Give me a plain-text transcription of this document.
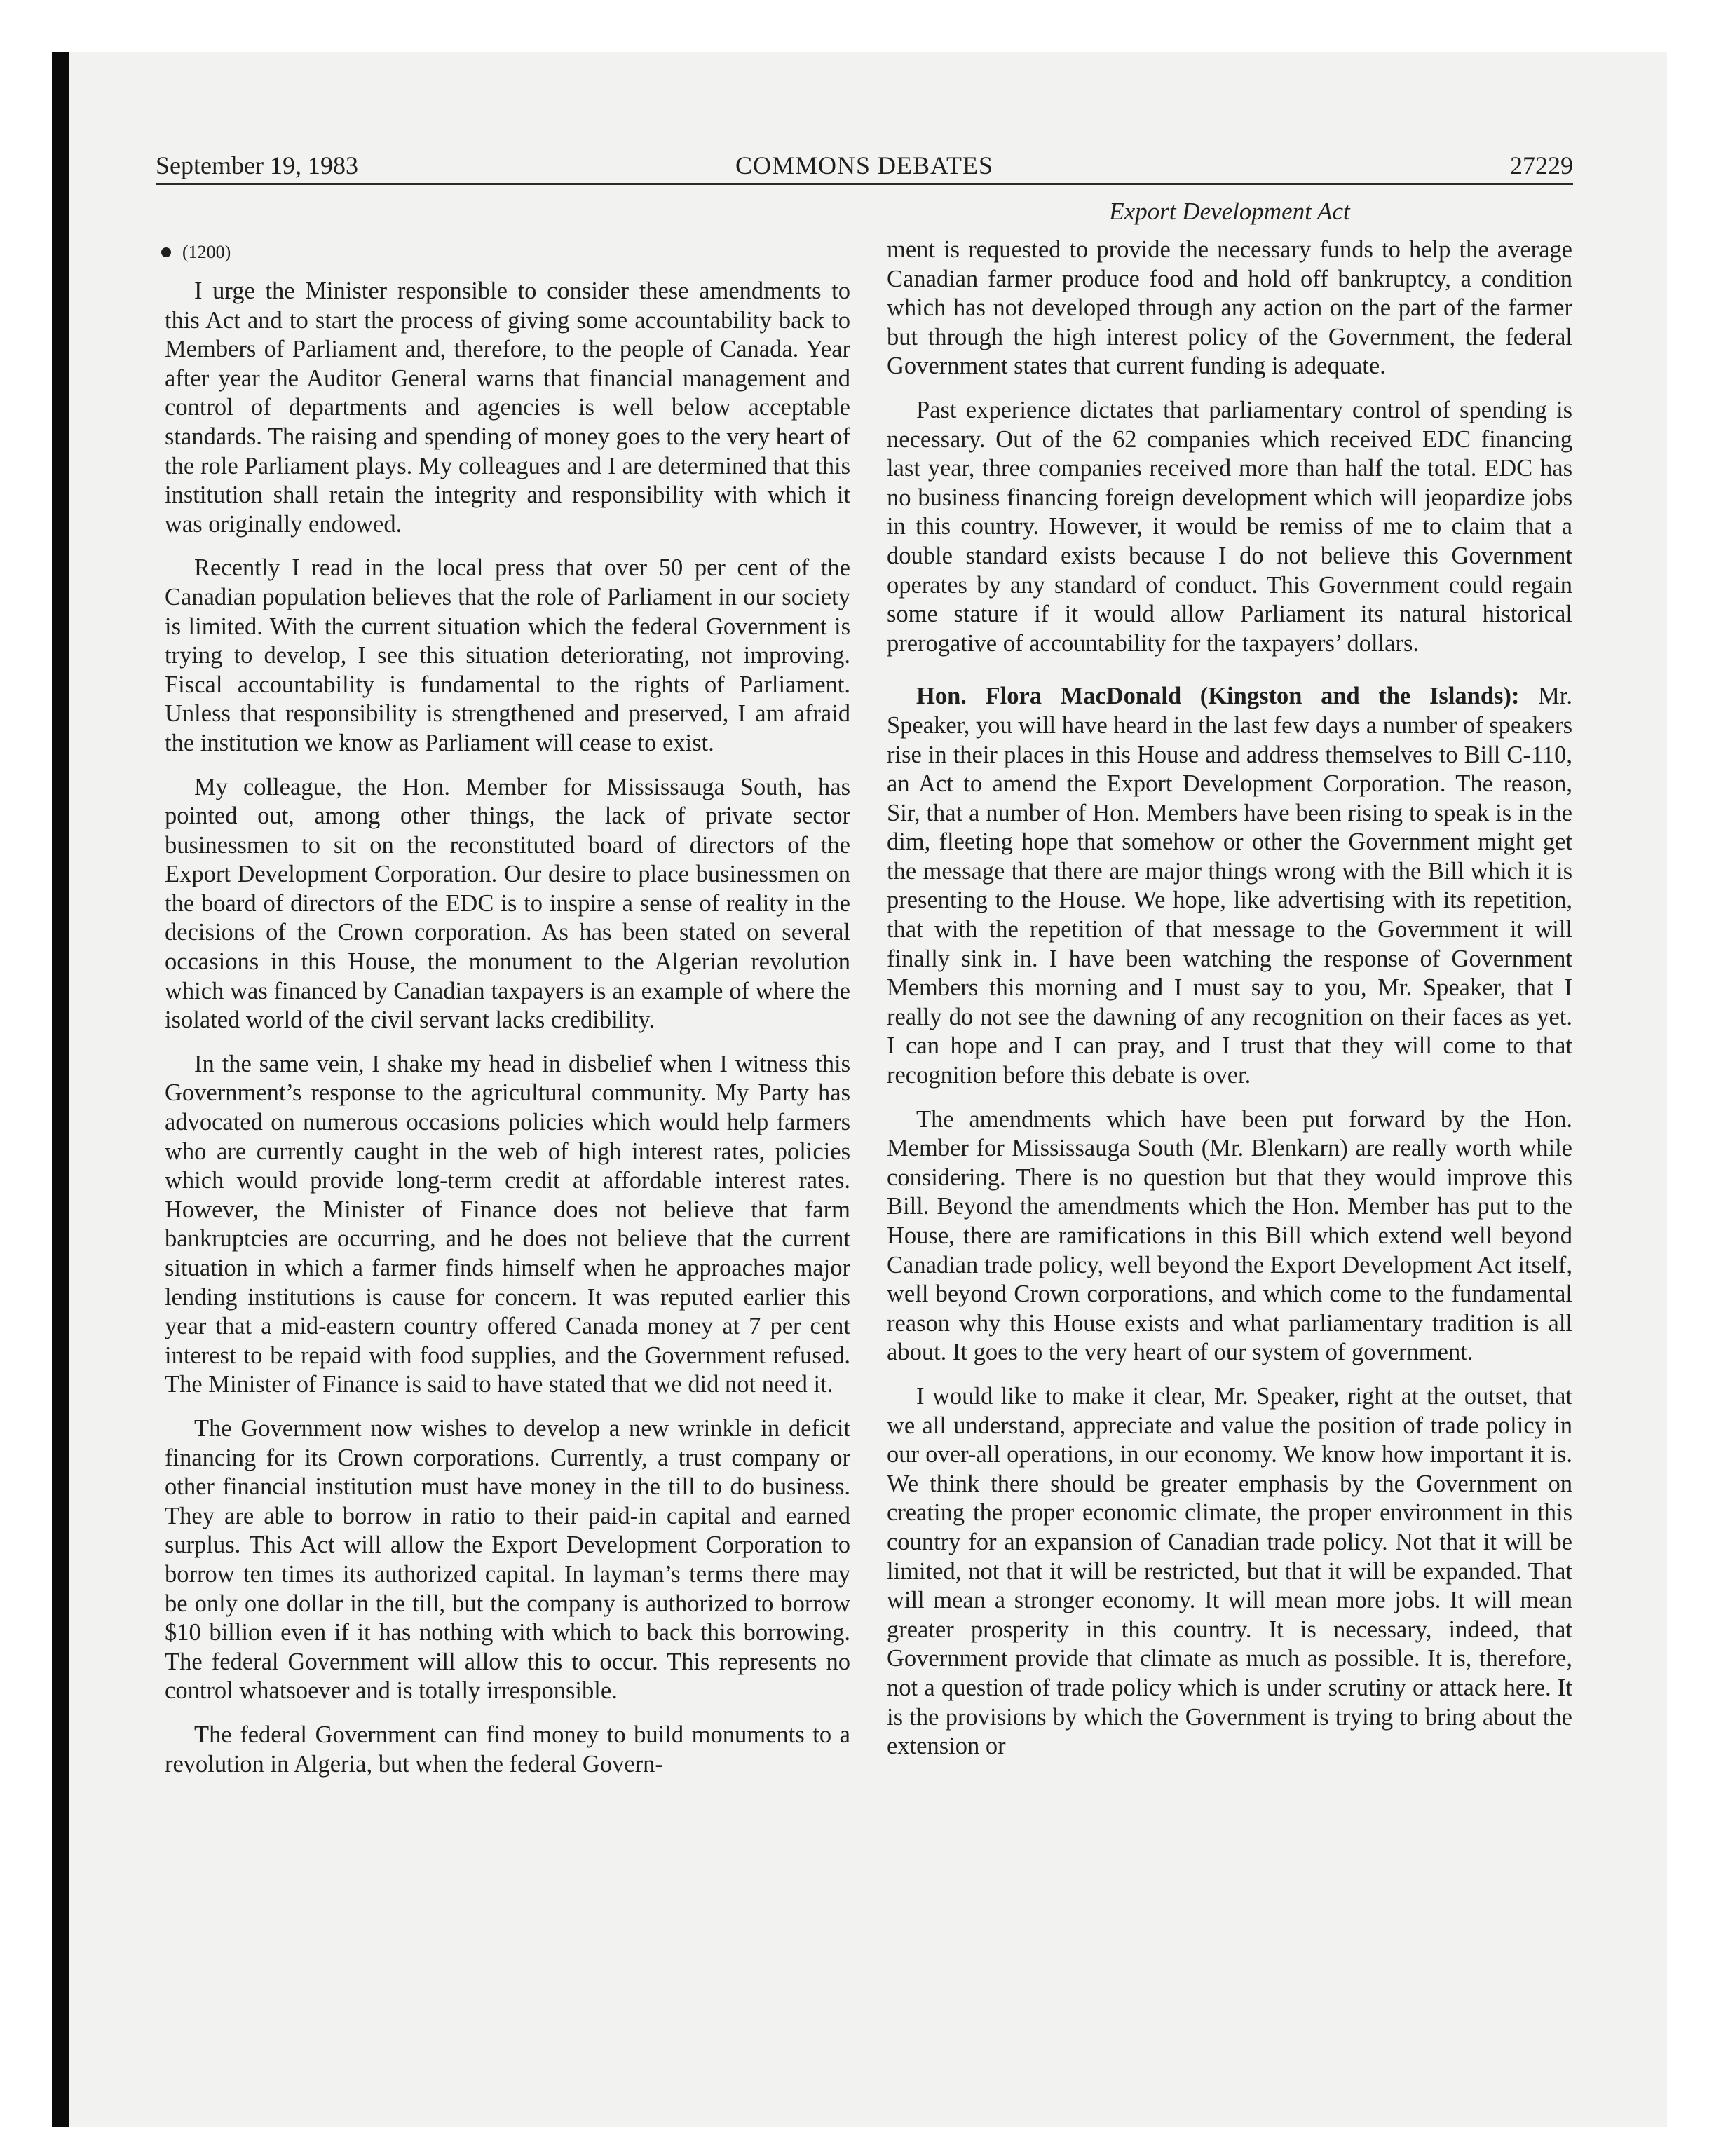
September 19, 1983	COMMONS DEBATES	27229
Export Development Act
(1200)

I urge the Minister responsible to consider these amendments to this Act and to start the process of giving some accountability back to Members of Parliament and, therefore, to the people of Canada. Year after year the Auditor General warns that financial management and control of departments and agencies is well below acceptable standards. The raising and spending of money goes to the very heart of the role Parliament plays. My colleagues and I are determined that this institution shall retain the integrity and responsibility with which it was originally endowed.

Recently I read in the local press that over 50 per cent of the Canadian population believes that the role of Parliament in our society is limited. With the current situation which the federal Government is trying to develop, I see this situation deteriorating, not improving. Fiscal accountability is fundamental to the rights of Parliament. Unless that responsibility is strengthened and preserved, I am afraid the institution we know as Parliament will cease to exist.

My colleague, the Hon. Member for Mississauga South, has pointed out, among other things, the lack of private sector businessmen to sit on the reconstituted board of directors of the Export Development Corporation. Our desire to place businessmen on the board of directors of the EDC is to inspire a sense of reality in the decisions of the Crown corporation. As has been stated on several occasions in this House, the monument to the Algerian revolution which was financed by Canadian taxpayers is an example of where the isolated world of the civil servant lacks credibility.

In the same vein, I shake my head in disbelief when I witness this Government’s response to the agricultural community. My Party has advocated on numerous occasions policies which would help farmers who are currently caught in the web of high interest rates, policies which would provide long-term credit at affordable interest rates. However, the Minister of Finance does not believe that farm bankruptcies are occurring, and he does not believe that the current situation in which a farmer finds himself when he approaches major lending institutions is cause for concern. It was reputed earlier this year that a mid-eastern country offered Canada money at 7 per cent interest to be repaid with food supplies, and the Government refused. The Minister of Finance is said to have stated that we did not need it.

The Government now wishes to develop a new wrinkle in deficit financing for its Crown corporations. Currently, a trust company or other financial institution must have money in the till to do business. They are able to borrow in ratio to their paid-in capital and earned surplus. This Act will allow the Export Development Corporation to borrow ten times its authorized capital. In layman’s terms there may be only one dollar in the till, but the company is authorized to borrow $10 billion even if it has nothing with which to back this borrowing. The federal Government will allow this to occur. This represents no control whatsoever and is totally irresponsible.

The federal Government can find money to build monuments to a revolution in Algeria, but when the federal Govern-

ment is requested to provide the necessary funds to help the average Canadian farmer produce food and hold off bankruptcy, a condition which has not developed through any action on the part of the farmer but through the high interest policy of the Government, the federal Government states that current funding is adequate.

Past experience dictates that parliamentary control of spending is necessary. Out of the 62 companies which received EDC financing last year, three companies received more than half the total. EDC has no business financing foreign development which will jeopardize jobs in this country. However, it would be remiss of me to claim that a double standard exists because I do not believe this Government operates by any standard of conduct. This Government could regain some stature if it would allow Parliament its natural historical prerogative of accountability for the taxpayers’ dollars.

Hon. Flora MacDonald (Kingston and the Islands): Mr. Speaker, you will have heard in the last few days a number of speakers rise in their places in this House and address themselves to Bill C-110, an Act to amend the Export Development Corporation. The reason, Sir, that a number of Hon. Members have been rising to speak is in the dim, fleeting hope that somehow or other the Government might get the message that there are major things wrong with the Bill which it is presenting to the House. We hope, like advertising with its repetition, that with the repetition of that message to the Government it will finally sink in. I have been watching the response of Government Members this morning and I must say to you, Mr. Speaker, that I really do not see the dawning of any recognition on their faces as yet. I can hope and I can pray, and I trust that they will come to that recognition before this debate is over.

The amendments which have been put forward by the Hon. Member for Mississauga South (Mr. Blenkarn) are really worth while considering. There is no question but that they would improve this Bill. Beyond the amendments which the Hon. Member has put to the House, there are ramifications in this Bill which extend well beyond Canadian trade policy, well beyond the Export Development Act itself, well beyond Crown corporations, and which come to the fundamental reason why this House exists and what parliamentary tradition is all about. It goes to the very heart of our system of government.

I would like to make it clear, Mr. Speaker, right at the outset, that we all understand, appreciate and value the position of trade policy in our over-all operations, in our economy. We know how important it is. We think there should be greater emphasis by the Government on creating the proper economic climate, the proper environment in this country for an expansion of Canadian trade policy. Not that it will be limited, not that it will be restricted, but that it will be expanded. That will mean a stronger economy. It will mean more jobs. It will mean greater prosperity in this country. It is necessary, indeed, that Government provide that climate as much as possible. It is, therefore, not a question of trade policy which is under scrutiny or attack here. It is the provisions by which the Government is trying to bring about the extension or
